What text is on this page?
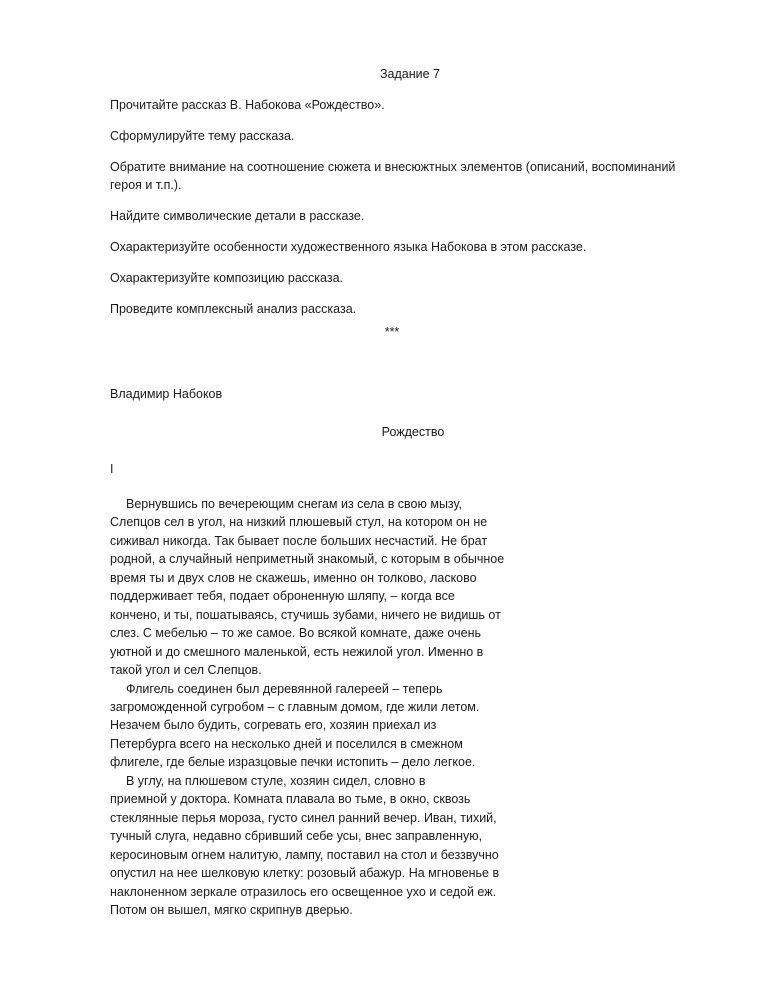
Задание 7

Прочитайте рассказ В. Набокова «Рождество».

Сформулируйте тему рассказа.

Обратите внимание на соотношение сюжета и внесюжтных элементов (описаний, воспоминаний героя и т.п.).

Найдите символические детали в рассказе.

Охарактеризуйте особенности художественного языка Набокова в этом рассказе.

Охарактеризуйте композицию рассказа.

Проведите комплексный анализ рассказа.

***
Владимир Набоков
Рождество
I
Вернувшись по вечереющим снегам из села в свою мызу,
Слепцов сел в угол, на низкий плюшевый стул, на котором он не
сиживал никогда. Так бывает после больших несчастий. Не брат
родной, а случайный неприметный знакомый, с которым в обычное
время ты и двух слов не скажешь, именно он толково, ласково
поддерживает тебя, подает оброненную шляпу, – когда все
кончено, и ты, пошатываясь, стучишь зубами, ничего не видишь от
слез. С мебелью – то же самое. Во всякой комнате, даже очень
уютной и до смешного маленькой, есть нежилой угол. Именно в
такой угол и сел Слепцов.
Флигель соединен был деревянной галереей – теперь
загроможденной сугробом – с главным домом, где жили летом.
Незачем было будить, согревать его, хозяин приехал из
Петербурга всего на несколько дней и поселился в смежном
флигеле, где белые изразцовые печки истопить – дело легкое.
В углу, на плюшевом стуле, хозяин сидел, словно в
приемной у доктора. Комната плавала во тьме, в окно, сквозь
стеклянные перья мороза, густо синел ранний вечер. Иван, тихий,
тучный слуга, недавно сбривший себе усы, внес заправленную,
керосиновым огнем налитую, лампу, поставил на стол и беззвучно
опустил на нее шелковую клетку: розовый абажур. На мгновенье в
наклоненном зеркале отразилось его освещенное ухо и седой еж.
Потом он вышел, мягко скрипнув дверью.
